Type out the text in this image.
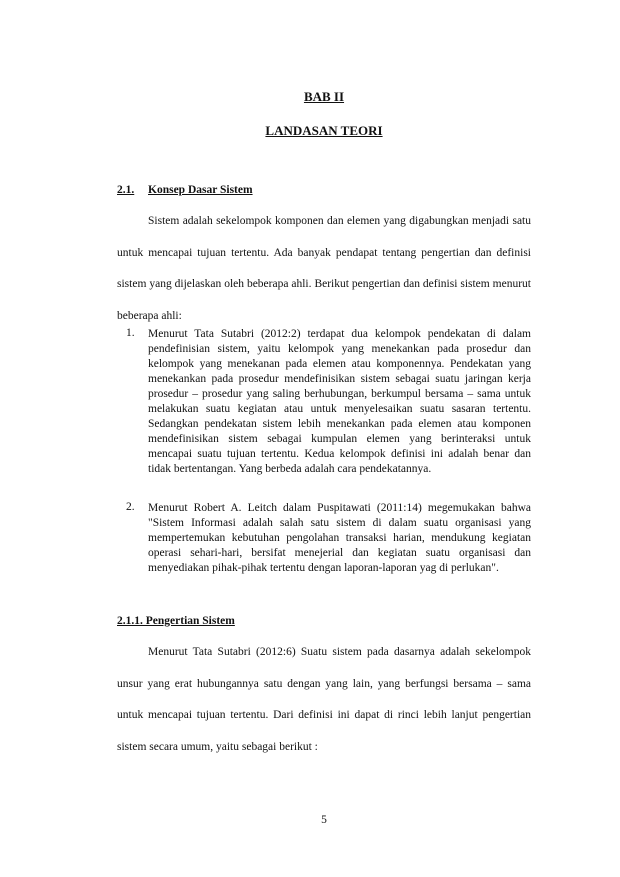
BAB II
LANDASAN TEORI
2.1. Konsep Dasar Sistem

Sistem adalah sekelompok komponen dan elemen yang digabungkan menjadi satu untuk mencapai tujuan tertentu. Ada banyak pendapat tentang pengertian dan definisi sistem yang dijelaskan oleh beberapa ahli. Berikut pengertian dan definisi sistem menurut beberapa ahli:

1. Menurut Tata Sutabri (2012:2) terdapat dua kelompok pendekatan di dalam pendefinisian sistem, yaitu kelompok yang menekankan pada prosedur dan kelompok yang menekanan pada elemen atau komponennya. Pendekatan yang menekankan pada prosedur mendefinisikan sistem sebagai suatu jaringan kerja prosedur – prosedur yang saling berhubungan, berkumpul bersama – sama untuk melakukan suatu kegiatan atau untuk menyelesaikan suatu sasaran tertentu. Sedangkan pendekatan sistem lebih menekankan pada elemen atau komponen mendefinisikan sistem sebagai kumpulan elemen yang berinteraksi untuk mencapai suatu tujuan tertentu. Kedua kelompok definisi ini adalah benar dan tidak bertentangan. Yang berbeda adalah cara pendekatannya.

2. Menurut Robert A. Leitch dalam Puspitawati (2011:14) megemukakan bahwa "Sistem Informasi adalah salah satu sistem di dalam suatu organisasi yang mempertemukan kebutuhan pengolahan transaksi harian, mendukung kegiatan operasi sehari-hari, bersifat menejerial dan kegiatan suatu organisasi dan menyediakan pihak-pihak tertentu dengan laporan-laporan yag di perlukan".

2.1.1. Pengertian Sistem

Menurut Tata Sutabri (2012:6) Suatu sistem pada dasarnya adalah sekelompok unsur yang erat hubungannya satu dengan yang lain, yang berfungsi bersama – sama untuk mencapai tujuan tertentu. Dari definisi ini dapat di rinci lebih lanjut pengertian sistem secara umum, yaitu sebagai berikut :

5
